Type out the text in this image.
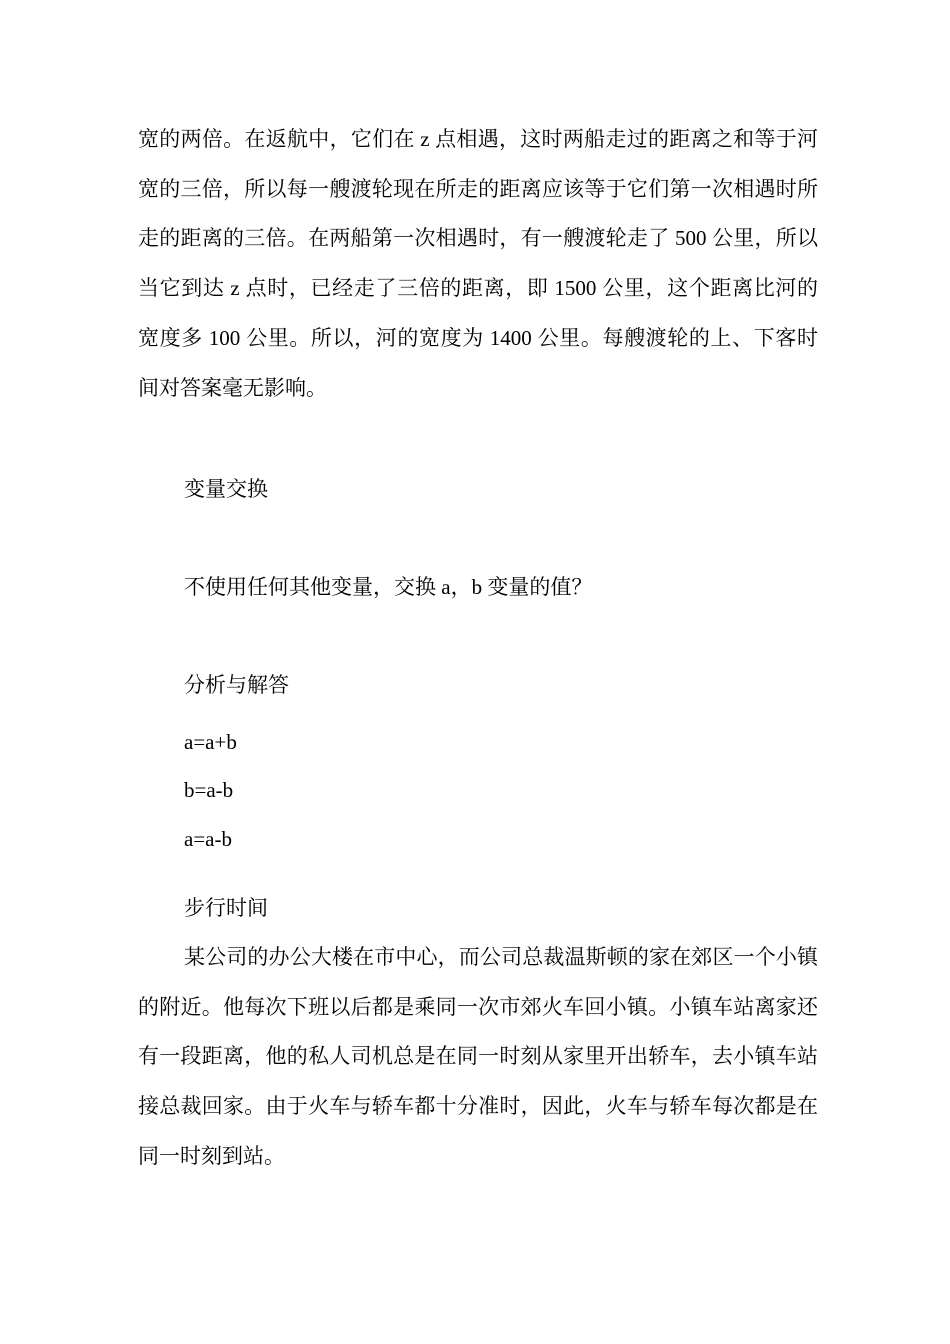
宽的两倍。在返航中，它们在 z 点相遇，这时两船走过的距离之和等于河宽的三倍，所以每一艘渡轮现在所走的距离应该等于它们第一次相遇时所走的距离的三倍。在两船第一次相遇时，有一艘渡轮走了 500 公里，所以当它到达 z 点时，已经走了三倍的距离，即 1500 公里，这个距离比河的宽度多 100 公里。所以，河的宽度为 1400 公里。每艘渡轮的上、下客时间对答案毫无影响。

变量交换

不使用任何其他变量，交换 a，b 变量的值？

分析与解答

a=a+b

b=a-b

a=a-b

步行时间

某公司的办公大楼在市中心，而公司总裁温斯顿的家在郊区一个小镇的附近。他每次下班以后都是乘同一次市郊火车回小镇。小镇车站离家还有一段距离，他的私人司机总是在同一时刻从家里开出轿车，去小镇车站接总裁回家。由于火车与轿车都十分准时，因此，火车与轿车每次都是在同一时刻到站。
